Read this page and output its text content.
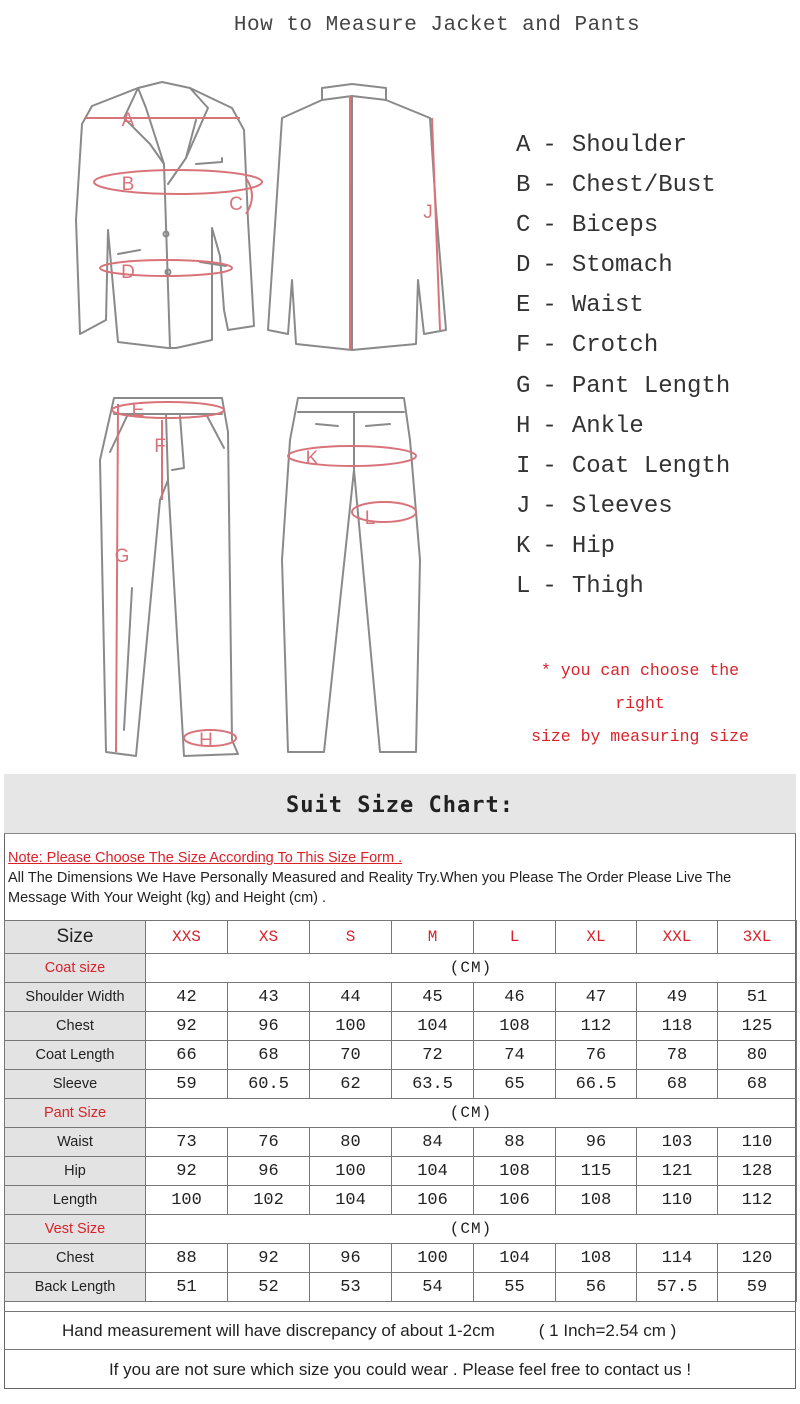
How to Measure Jacket and Pants
A
B
C
D
E
F
G
H
I
J
K
L
A - Shoulder
B - Chest/Bust
C - Biceps
D - Stomach
E - Waist
F - Crotch
G - Pant Length
H - Ankle
I - Coat Length
J - Sleeves
K - Hip
L - Thigh
* you can choose the right
size by measuring size
Suit Size Chart:
Note: Please Choose The Size According To This Size Form .
All The Dimensions We Have Personally Measured and Reality Try.When you Please The Order Please Live The Message With Your Weight (kg) and Height (cm) .
Size	XXS	XS	S	M	L	XL	XXL	3XL
Coat size	(CM)							
Shoulder Width	42	43	44	45	46	47	49	51
Chest	92	96	100	104	108	112	118	125
Coat Length	66	68	70	72	74	76	78	80
Sleeve	59	60.5	62	63.5	65	66.5	68	68
Pant Size	(CM)							
Waist	73	76	80	84	88	96	103	110
Hip	92	96	100	104	108	115	121	128
Length	100	102	104	106	106	108	110	112
Vest Size	(CM)							
Chest	88	92	96	100	104	108	114	120
Back Length	51	52	53	54	55	56	57.5	59
Hand measurement will have discrepancy of about 1-2cm	( 1 Inch=2.54 cm )
If you are not sure which size you could wear . Please feel free to contact us !
